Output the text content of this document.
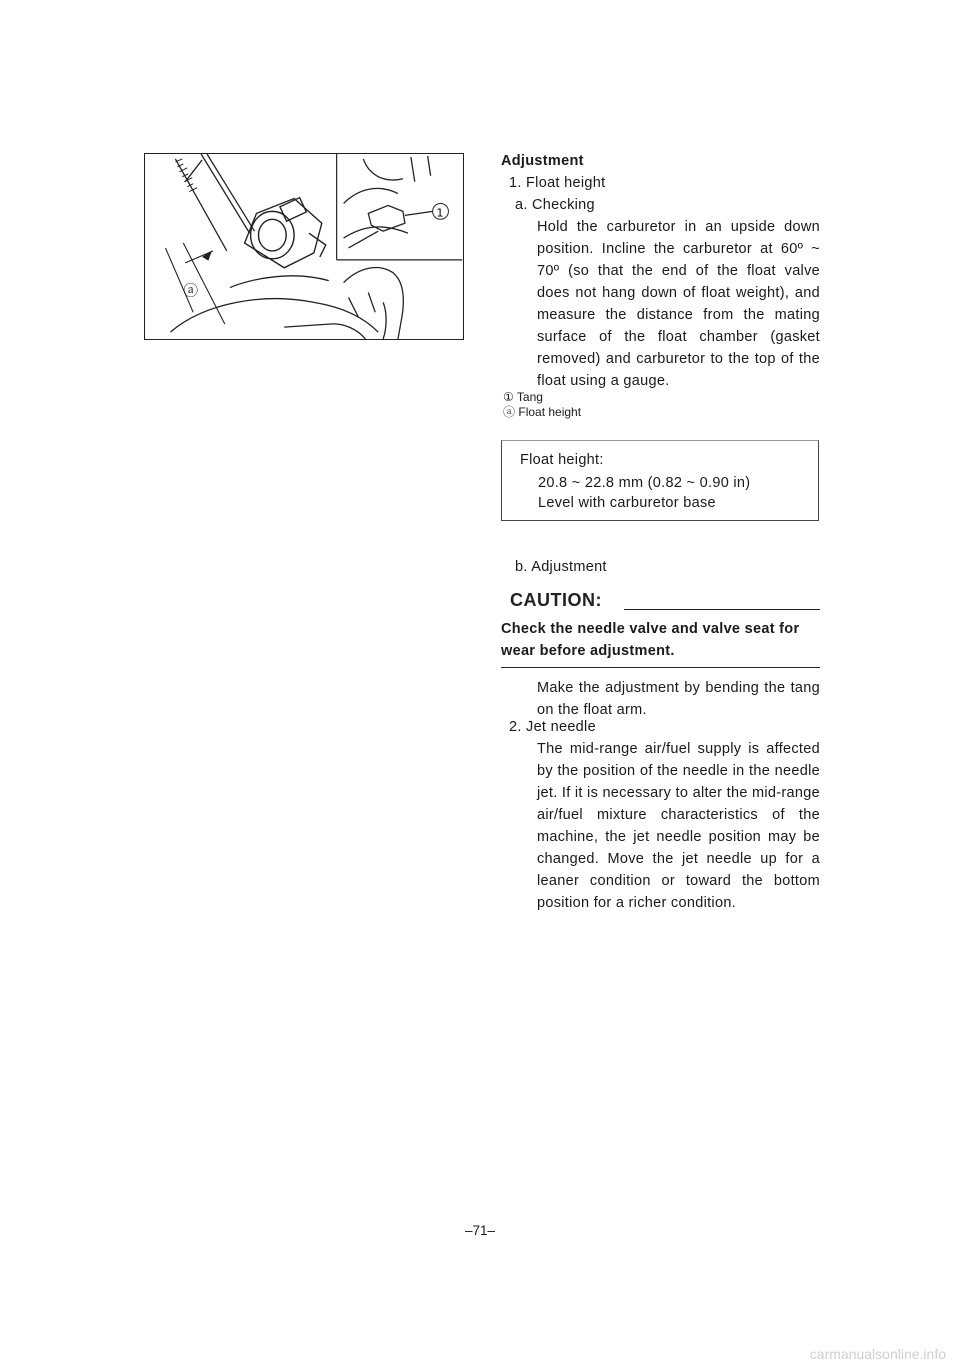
ⓐ
1
Adjustment
1. Float height
a. Checking
Hold the carburetor in an upside down position. Incline the carburetor at 60º ~ 70º (so that the end of the float valve does not hang down of float weight), and measure the distance from the mating surface of the float chamber (gasket removed) and carburetor to the top of the float using a gauge.
① Tang
ⓐ Float height
Float height:
20.8 ~ 22.8 mm (0.82 ~ 0.90 in)
Level with carburetor base
b. Adjustment
CAUTION:
Check the needle valve and valve seat for wear before adjustment.
Make the adjustment by bending the tang on the float arm.
2. Jet needle
The mid-range air/fuel supply is affected by the position of the needle in the needle jet. If it is necessary to alter the mid-range air/fuel mixture characteristics of the machine, the jet needle position may be changed. Move the jet needle up for a leaner condition or toward the bottom position for a richer condition.
–71–
carmanualsonline.info
